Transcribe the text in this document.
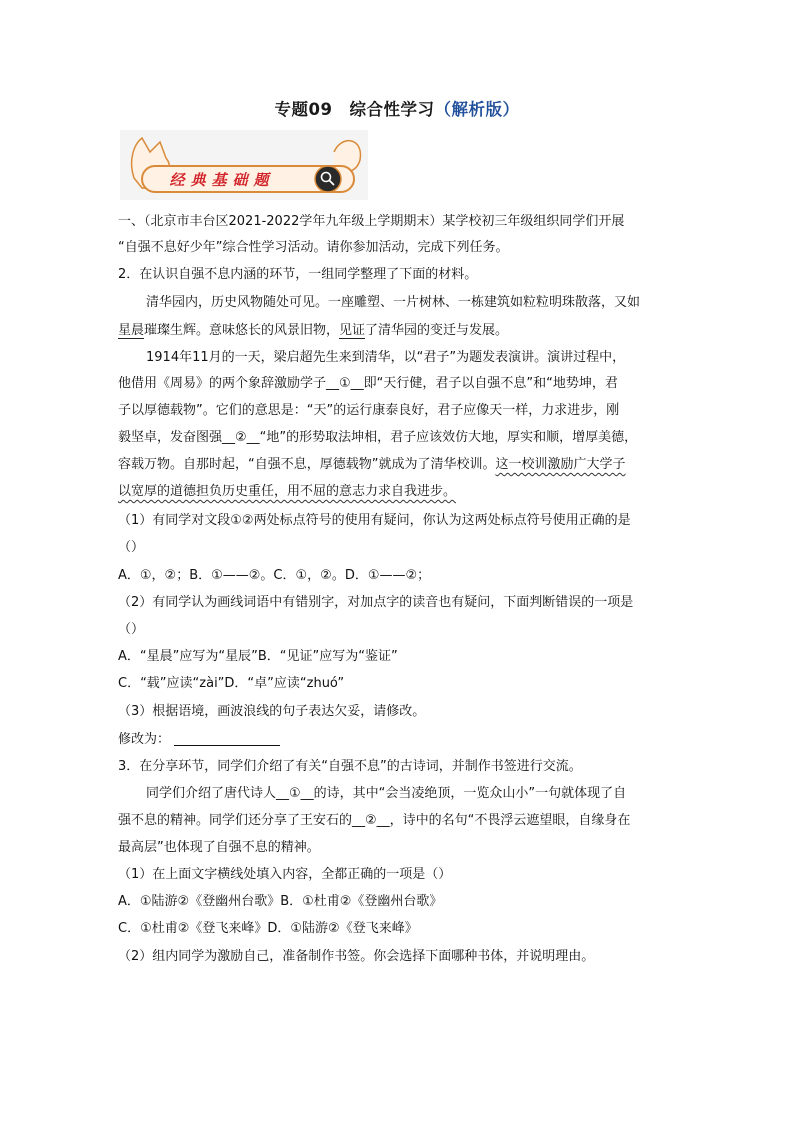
专题09　综合性学习（解析版）
经典基础题
一、（北京市丰台区2021-2022学年九年级上学期期末）某学校初三年级组织同学们开展
“自强不息好少年”综合性学习活动。请你参加活动，完成下列任务。
2．在认识自强不息内涵的环节，一组同学整理了下面的材料。
清华园内，历史风物随处可见。一座雕塑、一片树林、一栋建筑如粒粒明珠散落，又如
星晨璀璨生辉。意味悠长的风景旧物，见证了清华园的变迁与发展。
1914年11月的一天，梁启超先生来到清华，以“君子”为题发表演讲。演讲过程中，
他借用《周易》的两个象辞激励学子__①__即“天行健，君子以自强不息”和“地势坤，君
子以厚德载物”。它们的意思是：“天”的运行康泰良好，君子应像天一样，力求进步，刚
毅坚卓，发奋图强__②__“地”的形势取法坤相，君子应该效仿大地，厚实和顺，增厚美德，
容载万物。自那时起，“自强不息，厚德载物”就成为了清华校训。这一校训激励广大学子
以宽厚的道德担负历史重任，用不屈的意志力求自我进步。
（1）有同学对文段①②两处标点符号的使用有疑问，你认为这两处标点符号使用正确的是
（）
A．①，②；B．①——②。C．①，②。D．①——②；
（2）有同学认为画线词语中有错别字，对加点字的读音也有疑问，下面判断错误的一项是
（）
A．“星晨”应写为“星辰”B．“见证”应写为“鉴证”
C．“载”应读“zài”D．“卓”应读“zhuó”
（3）根据语境，画波浪线的句子表达欠妥，请修改。
修改为：
3．在分享环节，同学们介绍了有关“自强不息”的古诗词，并制作书签进行交流。
同学们介绍了唐代诗人__①__的诗，其中“会当凌绝顶，一览众山小”一句就体现了自
强不息的精神。同学们还分享了王安石的__②__，诗中的名句“不畏浮云遮望眼，自缘身在
最高层”也体现了自强不息的精神。
（1）在上面文字横线处填入内容，全都正确的一项是（）
A．①陆游②《登幽州台歌》B．①杜甫②《登幽州台歌》
C．①杜甫②《登飞来峰》D．①陆游②《登飞来峰》
（2）组内同学为激励自己，准备制作书签。你会选择下面哪种书体，并说明理由。
